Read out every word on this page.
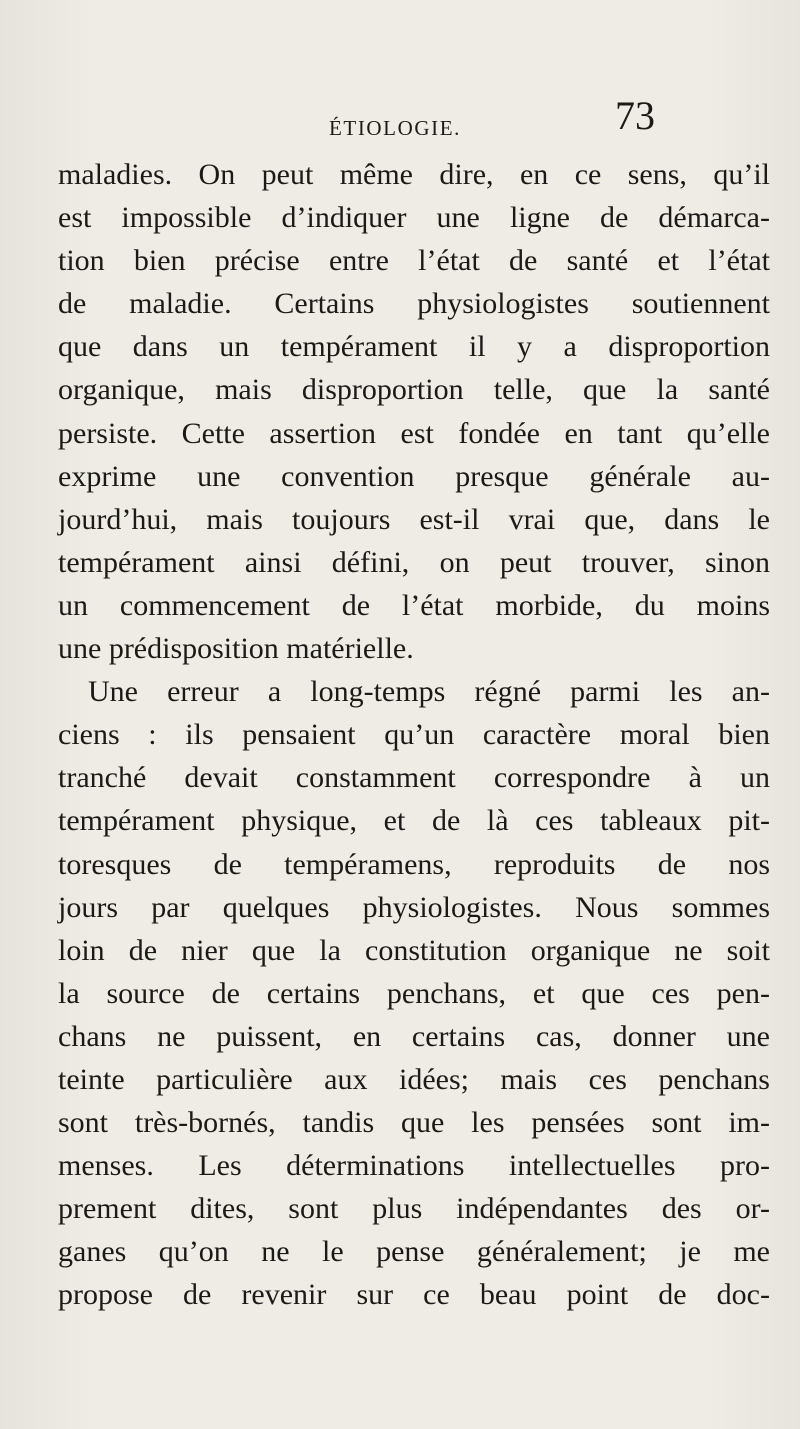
ÉTIOLOGIE.	73
maladies. On peut même dire, en ce sens, qu’il
est impossible d’indiquer une ligne de démarca-
tion bien précise entre l’état de santé et l’état
de maladie. Certains physiologistes soutiennent
que dans un tempérament il y a disproportion
organique, mais disproportion telle, que la santé
persiste. Cette assertion est fondée en tant qu’elle
exprime une convention presque générale au-
jourd’hui, mais toujours est-il vrai que, dans le
tempérament ainsi défini, on peut trouver, sinon
un commencement de l’état morbide, du moins
une prédisposition matérielle.
Une erreur a long-temps régné parmi les an-
ciens : ils pensaient qu’un caractère moral bien
tranché devait constamment correspondre à un
tempérament physique, et de là ces tableaux pit-
toresques de tempéramens, reproduits de nos
jours par quelques physiologistes. Nous sommes
loin de nier que la constitution organique ne soit
la source de certains penchans, et que ces pen-
chans ne puissent, en certains cas, donner une
teinte particulière aux idées; mais ces penchans
sont très-bornés, tandis que les pensées sont im-
menses. Les déterminations intellectuelles pro-
prement dites, sont plus indépendantes des or-
ganes qu’on ne le pense généralement; je me
propose de revenir sur ce beau point de doc-
